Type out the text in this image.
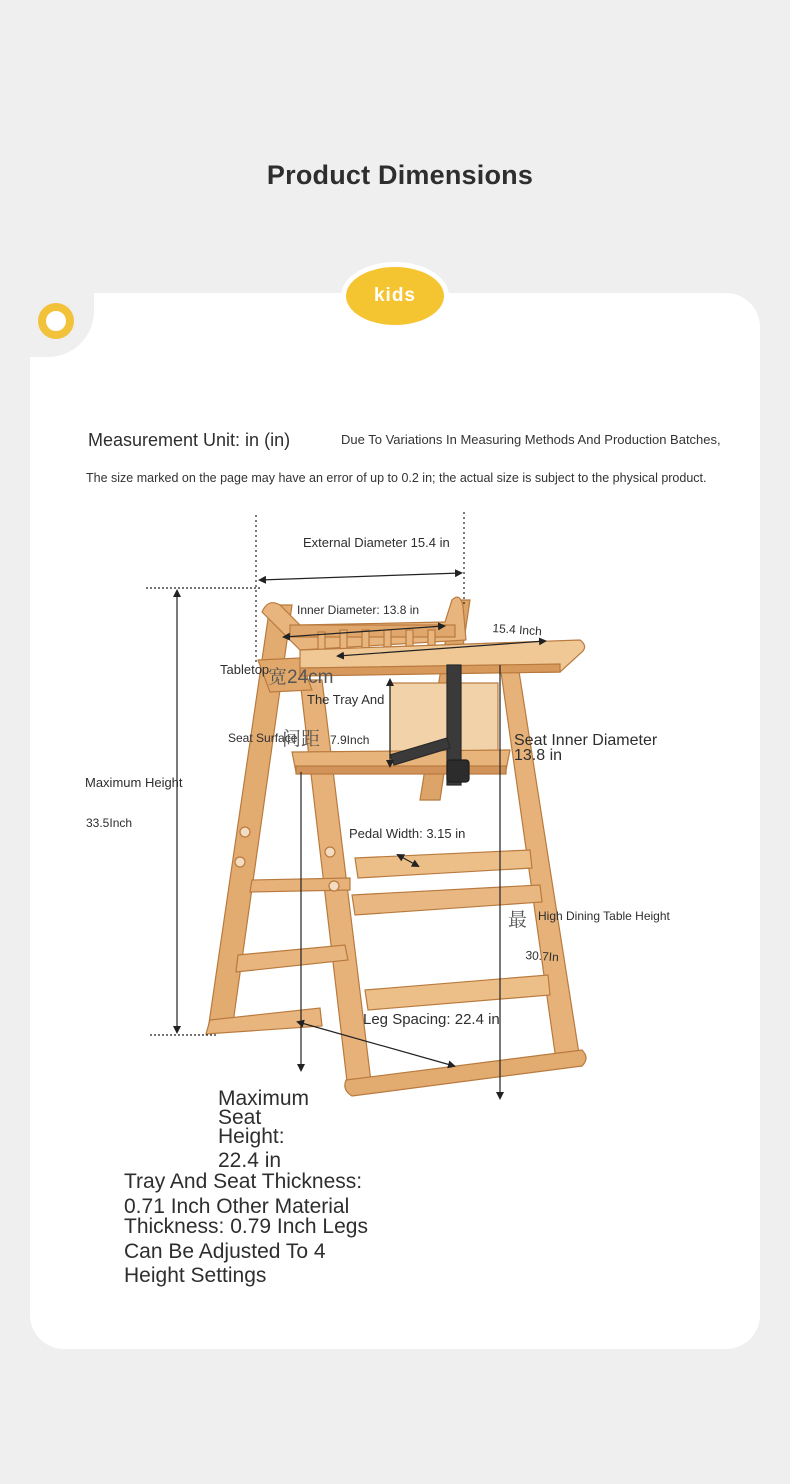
Product Dimensions
kids
Measurement Unit: in (in)	Due To Variations In Measuring Methods And Production Batches,
The size marked on the page may have an error of up to 0.2 in; the actual size is subject to the physical product.
External Diameter 15.4 in
Inner Diameter: 13.8 in
15.4 Inch
Tabletop
宽24cm
The Tray And
Seat Surface
间距 7.9Inch	Seat Inner Diameter
13.8 in
Maximum Height
33.5Inch
Pedal Width: 3.15 in
最 High Dining Table Height
30.7In
Leg Spacing: 22.4 in
Maximum
Seat
Height:
22.4 in
Tray And Seat Thickness:
0.71 Inch Other Material
Thickness: 0.79 Inch Legs
Can Be Adjusted To 4
Height Settings
